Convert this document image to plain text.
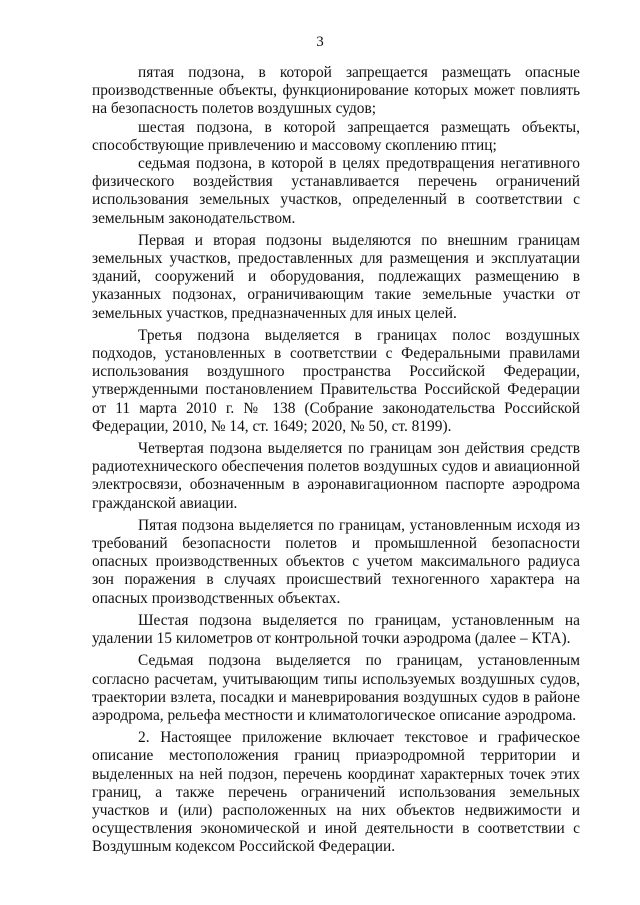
3

пятая подзона, в которой запрещается размещать опасные производственные объекты, функционирование которых может повлиять на безопасность полетов воздушных судов;

шестая подзона, в которой запрещается размещать объекты, способствующие привлечению и массовому скоплению птиц;

седьмая подзона, в которой в целях предотвращения негативного физического воздействия устанавливается перечень ограничений использования земельных участков, определенный в соответствии с земельным законодательством.

Первая и вторая подзоны выделяются по внешним границам земельных участков, предоставленных для размещения и эксплуатации зданий, сооружений и оборудования, подлежащих размещению в указанных подзонах, ограничивающим такие земельные участки от земельных участков, предназначенных для иных целей.

Третья подзона выделяется в границах полос воздушных подходов, установленных в соответствии с Федеральными правилами использования воздушного пространства Российской Федерации, утвержденными постановлением Правительства Российской Федерации от 11 марта 2010 г. № 138 (Собрание законодательства Российской Федерации, 2010, № 14, ст. 1649; 2020, № 50, ст. 8199).

Четвертая подзона выделяется по границам зон действия средств радиотехнического обеспечения полетов воздушных судов и авиационной электросвязи, обозначенным в аэронавигационном паспорте аэродрома гражданской авиации.

Пятая подзона выделяется по границам, установленным исходя из требований безопасности полетов и промышленной безопасности опасных производственных объектов с учетом максимального радиуса зон поражения в случаях происшествий техногенного характера на опасных производственных объектах.

Шестая подзона выделяется по границам, установленным на удалении 15 километров от контрольной точки аэродрома (далее – КТА).

Седьмая подзона выделяется по границам, установленным согласно расчетам, учитывающим типы используемых воздушных судов, траектории взлета, посадки и маневрирования воздушных судов в районе аэродрома, рельефа местности и климатологическое описание аэродрома.

2. Настоящее приложение включает текстовое и графическое описание местоположения границ приаэродромной территории и выделенных на ней подзон, перечень координат характерных точек этих границ, а также перечень ограничений использования земельных участков и (или) расположенных на них объектов недвижимости и осуществления экономической и иной деятельности в соответствии с Воздушным кодексом Российской Федерации.
